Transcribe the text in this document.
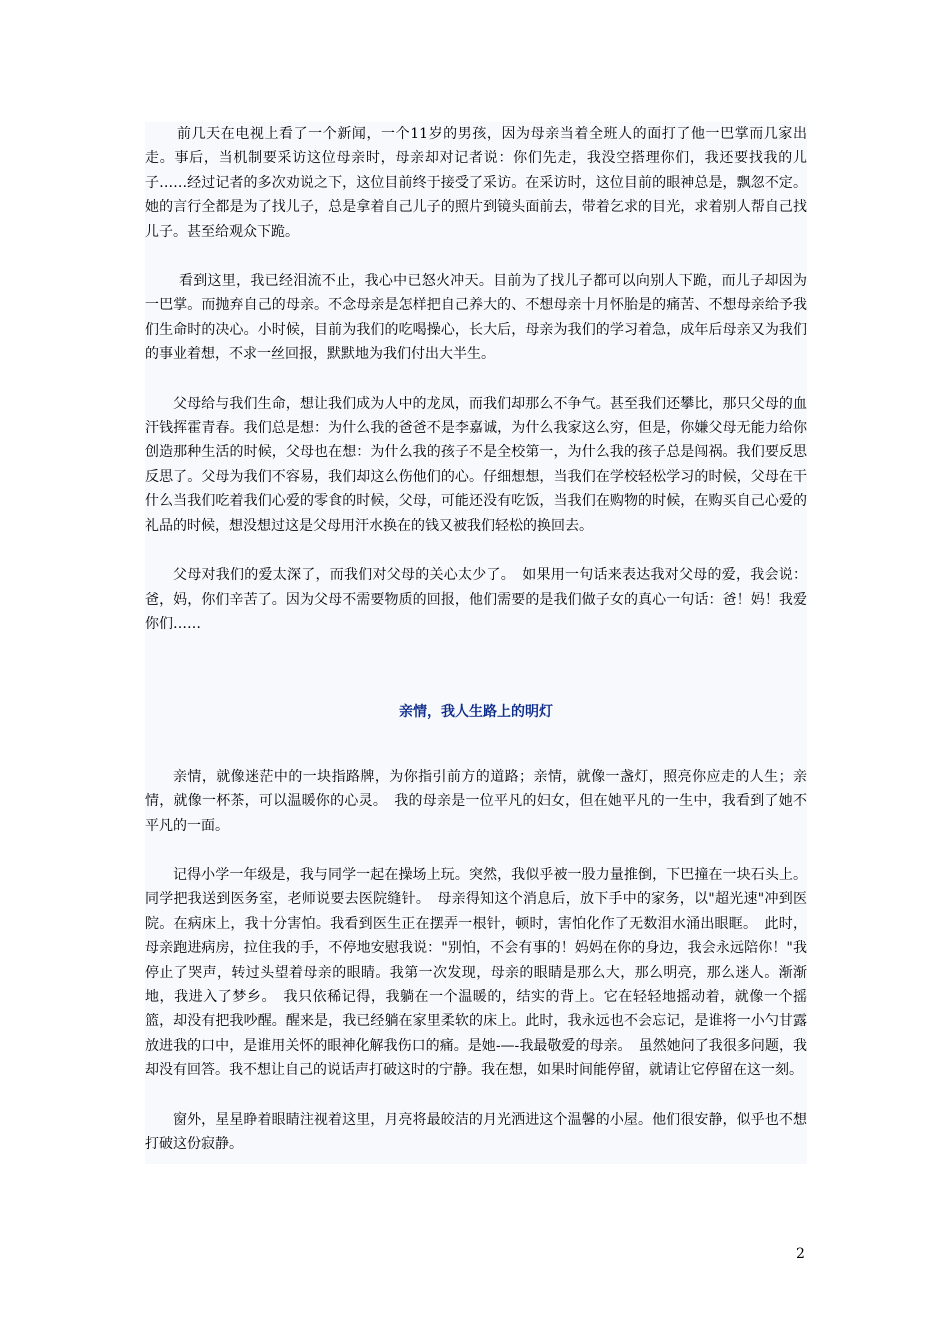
前几天在电视上看了一个新闻，一个11岁的男孩，因为母亲当着全班人的面打了他一巴掌而几家出走。事后，当机制要采访这位母亲时，母亲却对记者说：你们先走，我没空搭理你们，我还要找我的儿子……经过记者的多次劝说之下，这位目前终于接受了采访。在采访时，这位目前的眼神总是，飘忽不定。她的言行全都是为了找儿子，总是拿着自己儿子的照片到镜头面前去，带着乞求的目光，求着别人帮自己找儿子。甚至给观众下跪。

看到这里，我已经泪流不止，我心中已怒火冲天。目前为了找儿子都可以向别人下跪，而儿子却因为一巴掌。而抛弃自己的母亲。不念母亲是怎样把自己养大的、不想母亲十月怀胎是的痛苦、不想母亲给予我们生命时的决心。小时候，目前为我们的吃喝操心，长大后，母亲为我们的学习着急，成年后母亲又为我们的事业着想，不求一丝回报，默默地为我们付出大半生。

父母给与我们生命，想让我们成为人中的龙凤，而我们却那么不争气。甚至我们还攀比，那只父母的血汗钱挥霍青春。我们总是想：为什么我的爸爸不是李嘉诚，为什么我家这么穷，但是，你嫌父母无能力给你创造那种生活的时候，父母也在想：为什么我的孩子不是全校第一，为什么我的孩子总是闯祸。我们要反思反思了。父母为我们不容易，我们却这么伤他们的心。仔细想想，当我们在学校轻松学习的时候，父母在干什么当我们吃着我们心爱的零食的时候，父母，可能还没有吃饭，当我们在购物的时候，在购买自己心爱的礼品的时候，想没想过这是父母用汗水换在的钱又被我们轻松的换回去。

父母对我们的爱太深了，而我们对父母的关心太少了。　如果用一句话来表达我对父母的爱，我会说：爸，妈，你们辛苦了。因为父母不需要物质的回报，他们需要的是我们做子女的真心一句话：爸！妈！我爱你们……

亲情，我人生路上的明灯

亲情，就像迷茫中的一块指路牌，为你指引前方的道路；亲情，就像一盏灯，照亮你应走的人生；亲情，就像一杯茶，可以温暖你的心灵。　我的母亲是一位平凡的妇女，但在她平凡的一生中，我看到了她不平凡的一面。

记得小学一年级是，我与同学一起在操场上玩。突然，我似乎被一股力量推倒，下巴撞在一块石头上。同学把我送到医务室，老师说要去医院缝针。　母亲得知这个消息后，放下手中的家务，以"超光速"冲到医院。在病床上，我十分害怕。我看到医生正在摆弄一根针，顿时，害怕化作了无数泪水涌出眼眶。　此时，母亲跑进病房，拉住我的手，不停地安慰我说："别怕，不会有事的！妈妈在你的身边，我会永远陪你！"我停止了哭声，转过头望着母亲的眼睛。我第一次发现，母亲的眼睛是那么大，那么明亮，那么迷人。渐渐地，我进入了梦乡。　我只依稀记得，我躺在一个温暖的，结实的背上。它在轻轻地摇动着，就像一个摇篮，却没有把我吵醒。醒来是，我已经躺在家里柔软的床上。此时，我永远也不会忘记，是谁将一小勺甘露放进我的口中，是谁用关怀的眼神化解我伤口的痛。是她-—-我最敬爱的母亲。　虽然她问了我很多问题，我却没有回答。我不想让自己的说话声打破这时的宁静。我在想，如果时间能停留，就请让它停留在这一刻。

窗外，星星睁着眼睛注视着这里，月亮将最皎洁的月光洒进这个温馨的小屋。他们很安静，似乎也不想打破这份寂静。

2
